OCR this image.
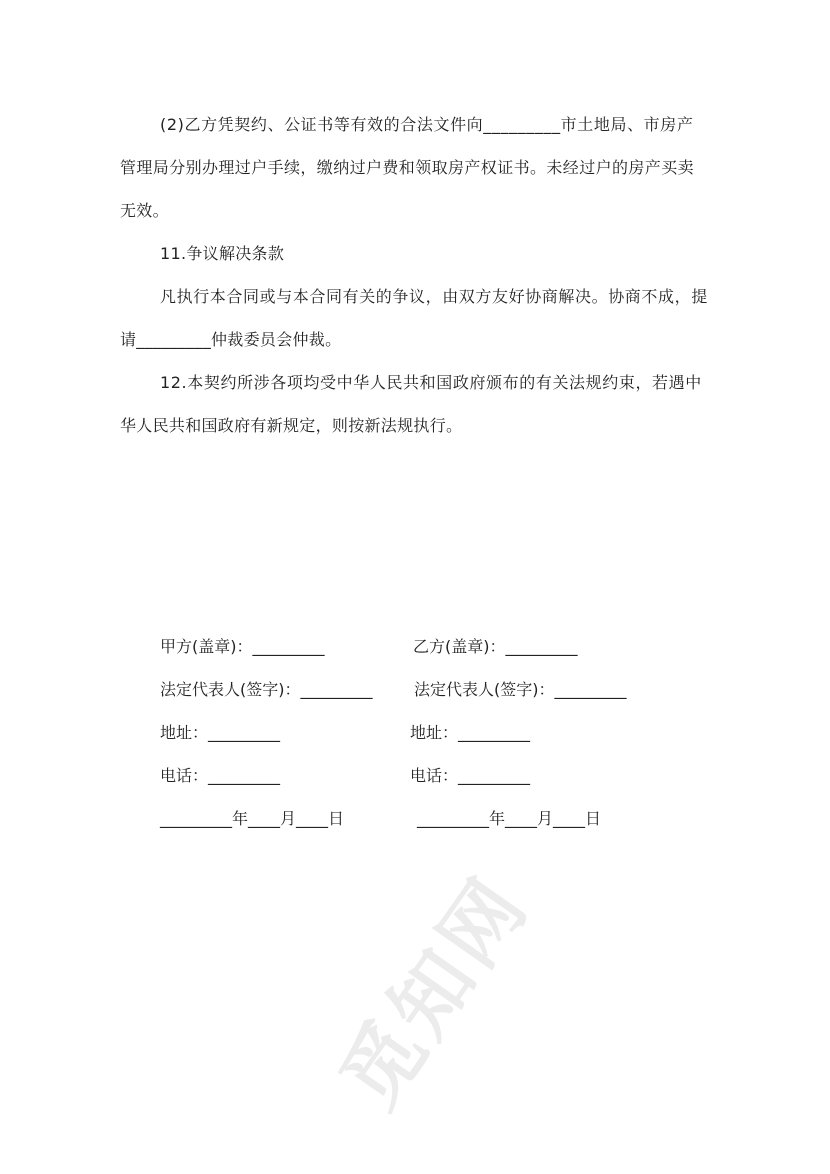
觅知网
(2)乙方凭契约、公证书等有效的合法文件向_________市土地局、市房产
管理局分别办理过户手续，缴纳过户费和领取房产权证书。未经过户的房产买卖
无效。
11.争议解决条款
凡执行本合同或与本合同有关的争议，由双方友好协商解决。协商不成，提
请_________仲裁委员会仲裁。
12.本契约所涉各项均受中华人民共和国政府颁布的有关法规约束，若遇中
华人民共和国政府有新规定，则按新法规执行。
甲方(盖章)：_________
法定代表人(签字)：_________
地址：_________
电话：_________
_________年____月____日
乙方(盖章)：_________
法定代表人(签字)：_________
地址：_________
电话：_________
_________年____月____日
